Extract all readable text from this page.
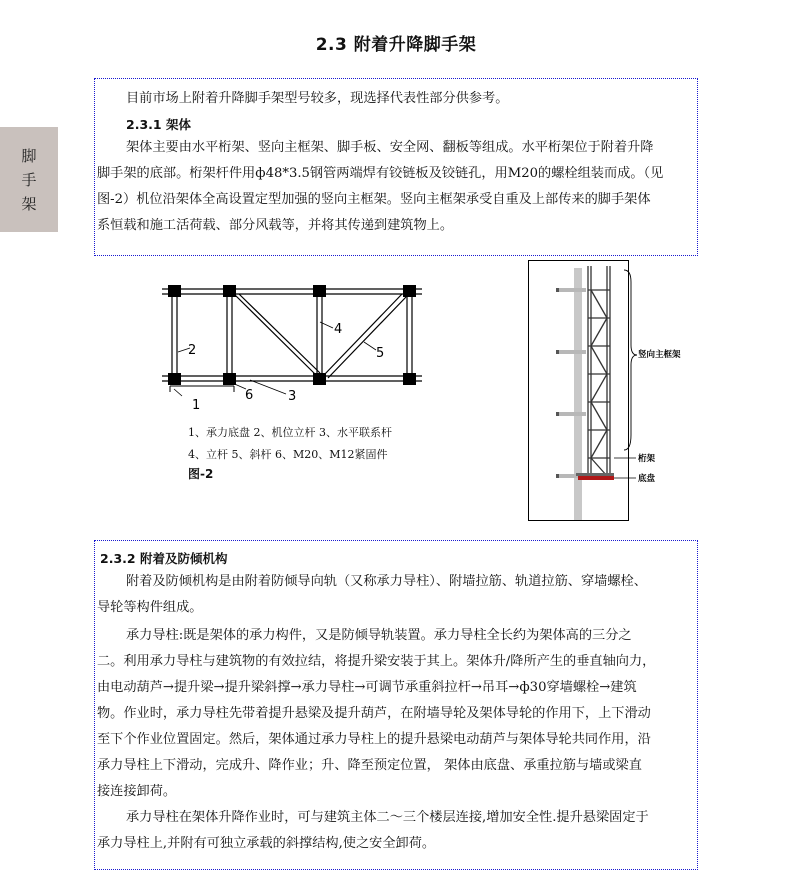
脚
手
架
2.3 附着升降脚手架
目前市场上附着升降脚手架型号较多，现选择代表性部分供参考。
2.3.1 架体
架体主要由水平桁架、竖向主框架、脚手板、安全网、翻板等组成。水平桁架位于附着升降
脚手架的底部。桁架杆件用ф48*3.5钢管两端焊有铰链板及铰链孔，用M20的螺栓组装而成。（见
图-2）机位沿架体全高设置定型加强的竖向主框架。竖向主框架承受自重及上部传来的脚手架体
系恒载和施工活荷载、部分风载等，并将其传递到建筑物上。
2
1
6	3
4
5
1、承力底盘 2、机位立杆 3、水平联系杆
4、立杆 5、斜杆 6、M20、M12紧固件
图-2
竖向主框架
桁架
底盘
2.3.2 附着及防倾机构
附着及防倾机构是由附着防倾导向轨（又称承力导柱）、附墙拉筋、轨道拉筋、穿墙螺栓、
导轮等构件组成。
承力导柱:既是架体的承力构件，又是防倾导轨装置。承力导柱全长约为架体高的三分之
二。利用承力导柱与建筑物的有效拉结，将提升梁安装于其上。架体升/降所产生的垂直轴向力，
由电动葫芦→提升梁→提升梁斜撑→承力导柱→可调节承重斜拉杆→吊耳→ф30穿墙螺栓→建筑
物。作业时，承力导柱先带着提升悬梁及提升葫芦，在附墙导轮及架体导轮的作用下，上下滑动
至下个作业位置固定。然后，架体通过承力导柱上的提升悬梁电动葫芦与架体导轮共同作用，沿
承力导柱上下滑动，完成升、降作业；升、降至预定位置， 架体由底盘、承重拉筋与墙或梁直
接连接卸荷。
承力导柱在架体升降作业时，可与建筑主体二～三个楼层连接,增加安全性.提升悬梁固定于
承力导柱上,并附有可独立承载的斜撑结构,使之安全卸荷。
